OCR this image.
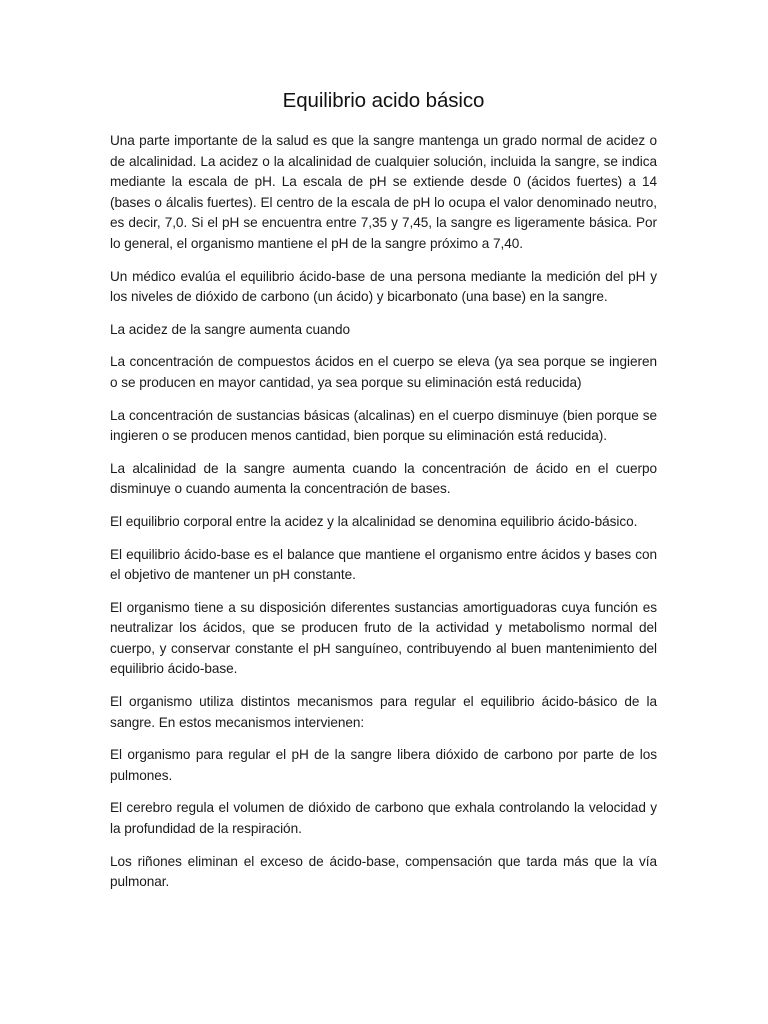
Equilibrio acido básico

Una parte importante de la salud es que la sangre mantenga un grado normal de acidez o de alcalinidad. La acidez o la alcalinidad de cualquier solución, incluida la sangre, se indica mediante la escala de pH. La escala de pH se extiende desde 0 (ácidos fuertes) a 14 (bases o álcalis fuertes). El centro de la escala de pH lo ocupa el valor denominado neutro, es decir, 7,0. Si el pH se encuentra entre 7,35 y 7,45, la sangre es ligeramente básica. Por lo general, el organismo mantiene el pH de la sangre próximo a 7,40.

Un médico evalúa el equilibrio ácido-base de una persona mediante la medición del pH y los niveles de dióxido de carbono (un ácido) y bicarbonato (una base) en la sangre.

La acidez de la sangre aumenta cuando

La concentración de compuestos ácidos en el cuerpo se eleva (ya sea porque se ingieren o se producen en mayor cantidad, ya sea porque su eliminación está reducida)

La concentración de sustancias básicas (alcalinas) en el cuerpo disminuye (bien porque se ingieren o se producen menos cantidad, bien porque su eliminación está reducida).

La alcalinidad de la sangre aumenta cuando la concentración de ácido en el cuerpo disminuye o cuando aumenta la concentración de bases.

El equilibrio corporal entre la acidez y la alcalinidad se denomina equilibrio ácido-básico.

El equilibrio ácido-base es el balance que mantiene el organismo entre ácidos y bases con el objetivo de mantener un pH constante.

El organismo tiene a su disposición diferentes sustancias amortiguadoras cuya función es neutralizar los ácidos, que se producen fruto de la actividad y metabolismo normal del cuerpo, y conservar constante el pH sanguíneo, contribuyendo al buen mantenimiento del equilibrio ácido-base.

El organismo utiliza distintos mecanismos para regular el equilibrio ácido-básico de la sangre. En estos mecanismos intervienen:

El organismo para regular el pH de la sangre libera dióxido de carbono por parte de los pulmones.

El cerebro regula el volumen de dióxido de carbono que exhala controlando la velocidad y la profundidad de la respiración.

Los riñones eliminan el exceso de ácido-base, compensación que tarda más que la vía pulmonar.
